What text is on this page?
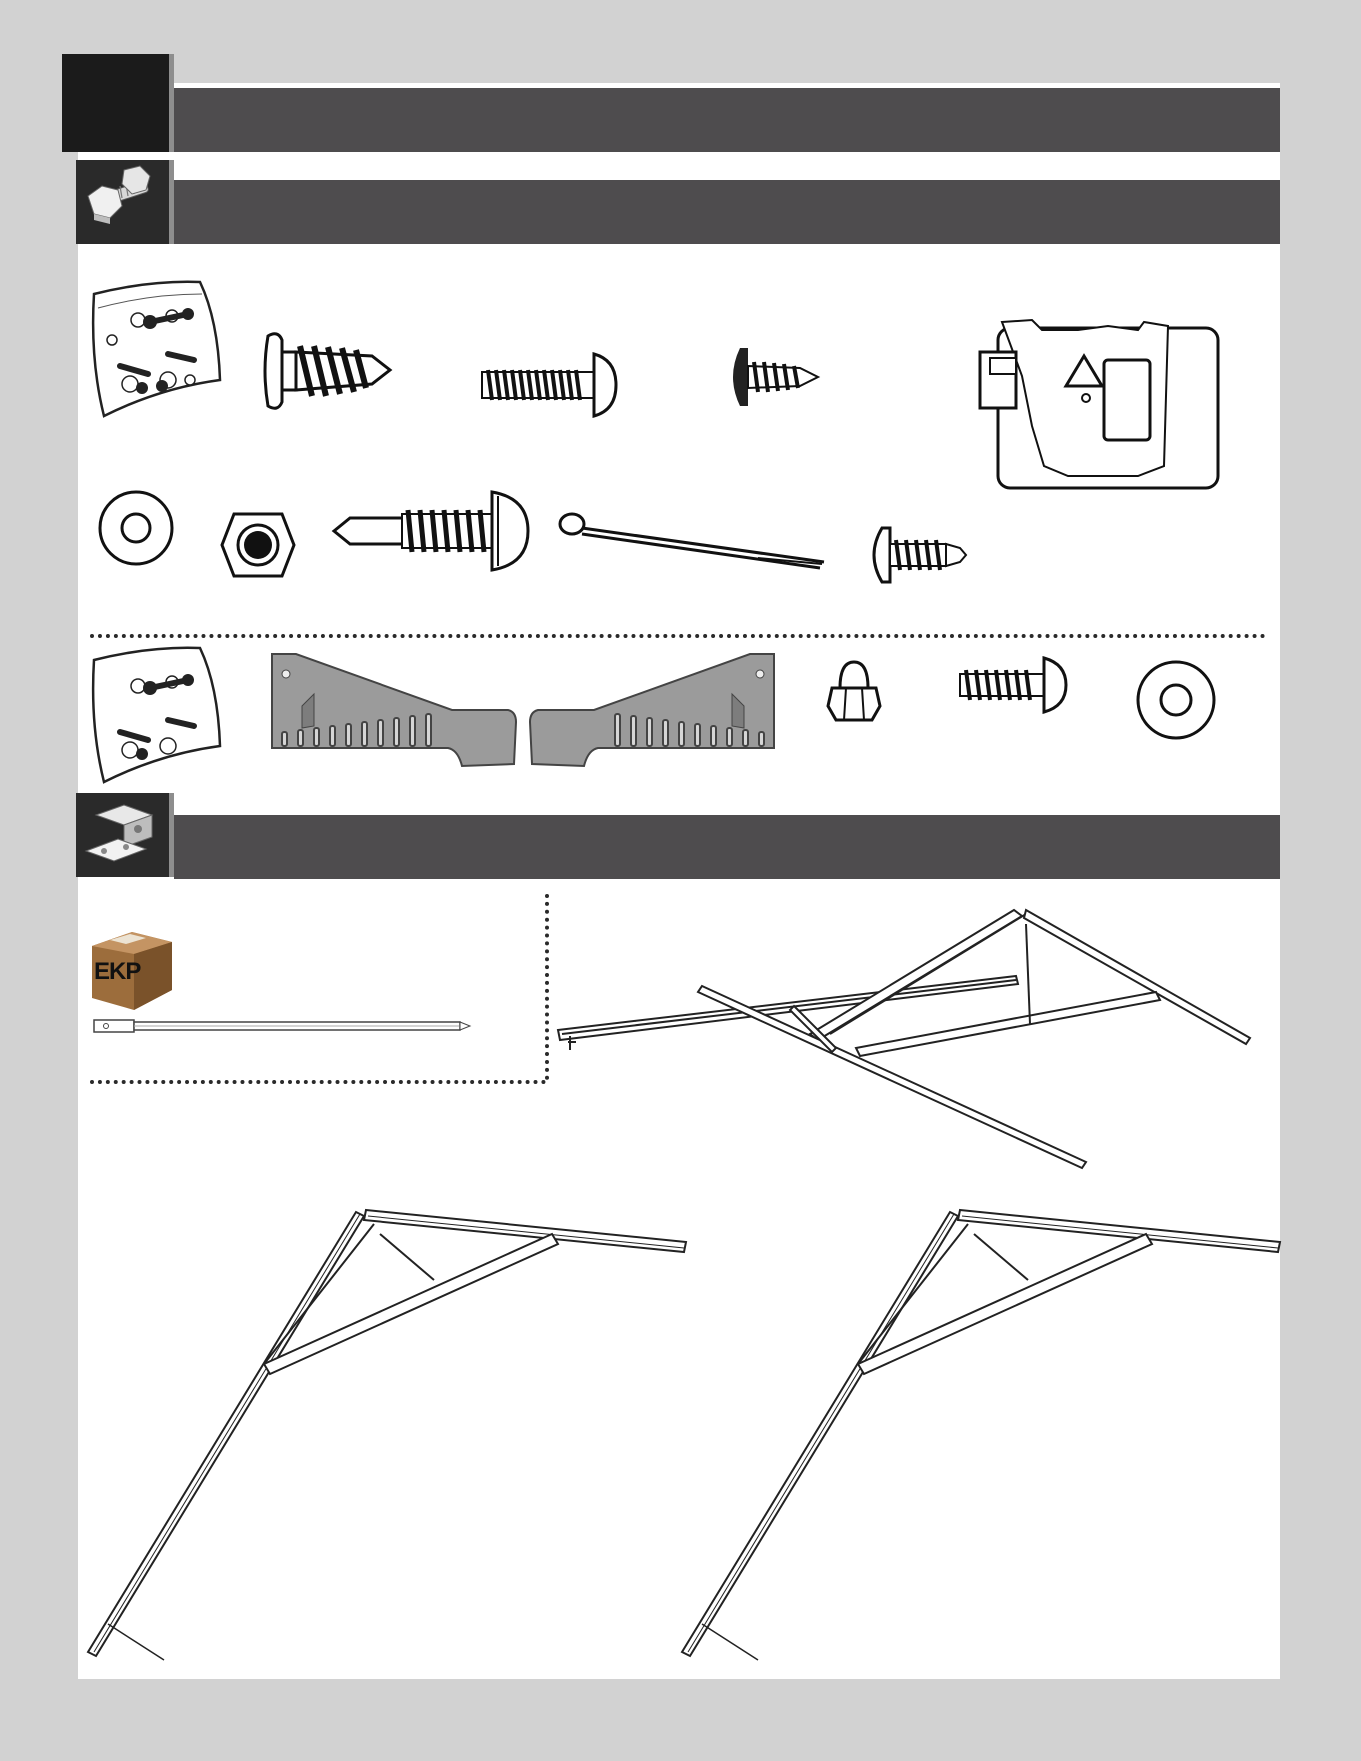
EKP
